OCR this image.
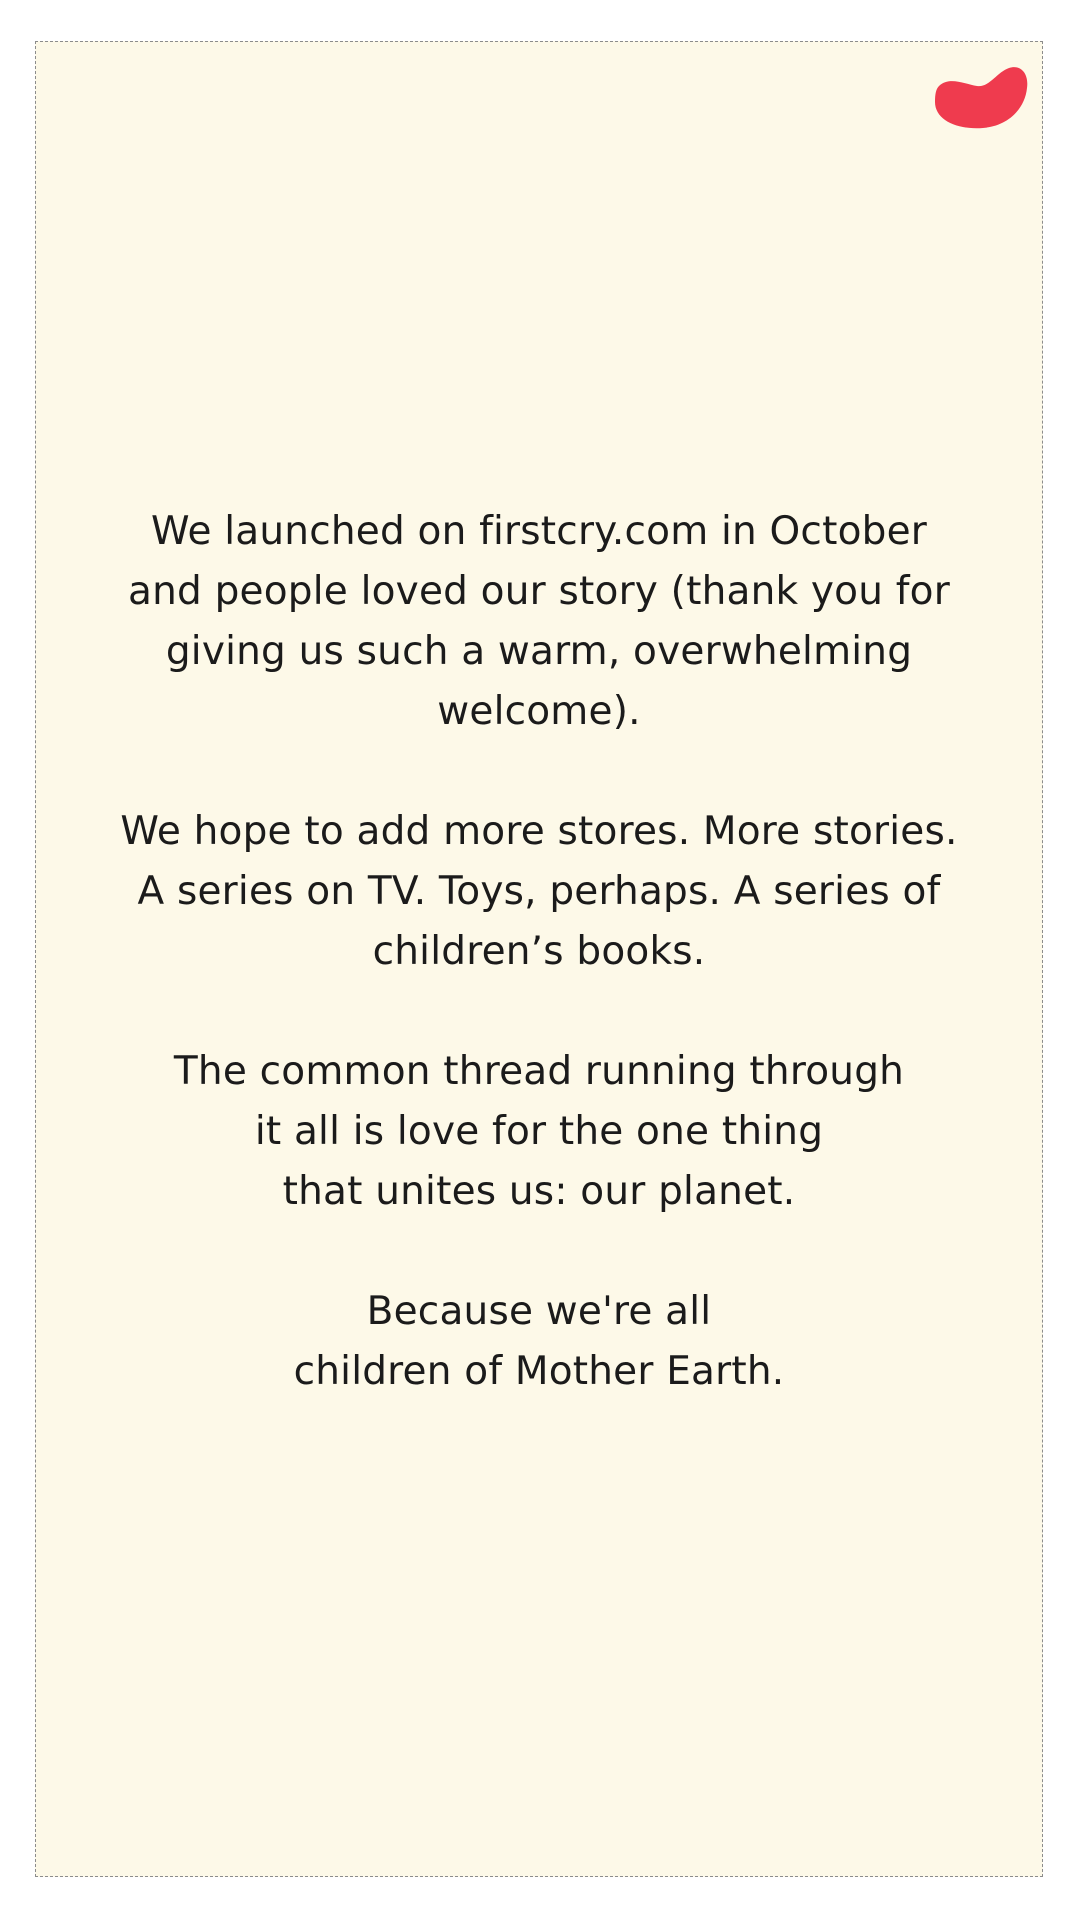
We launched on firstcry.com in October
and people loved our story (thank you for
giving us such a warm, overwhelming
welcome).

We hope to add more stores. More stories.
A series on TV. Toys, perhaps. A series of
children’s books.

The common thread running through
it all is love for the one thing
that unites us: our planet.

Because we're all
children of Mother Earth.
